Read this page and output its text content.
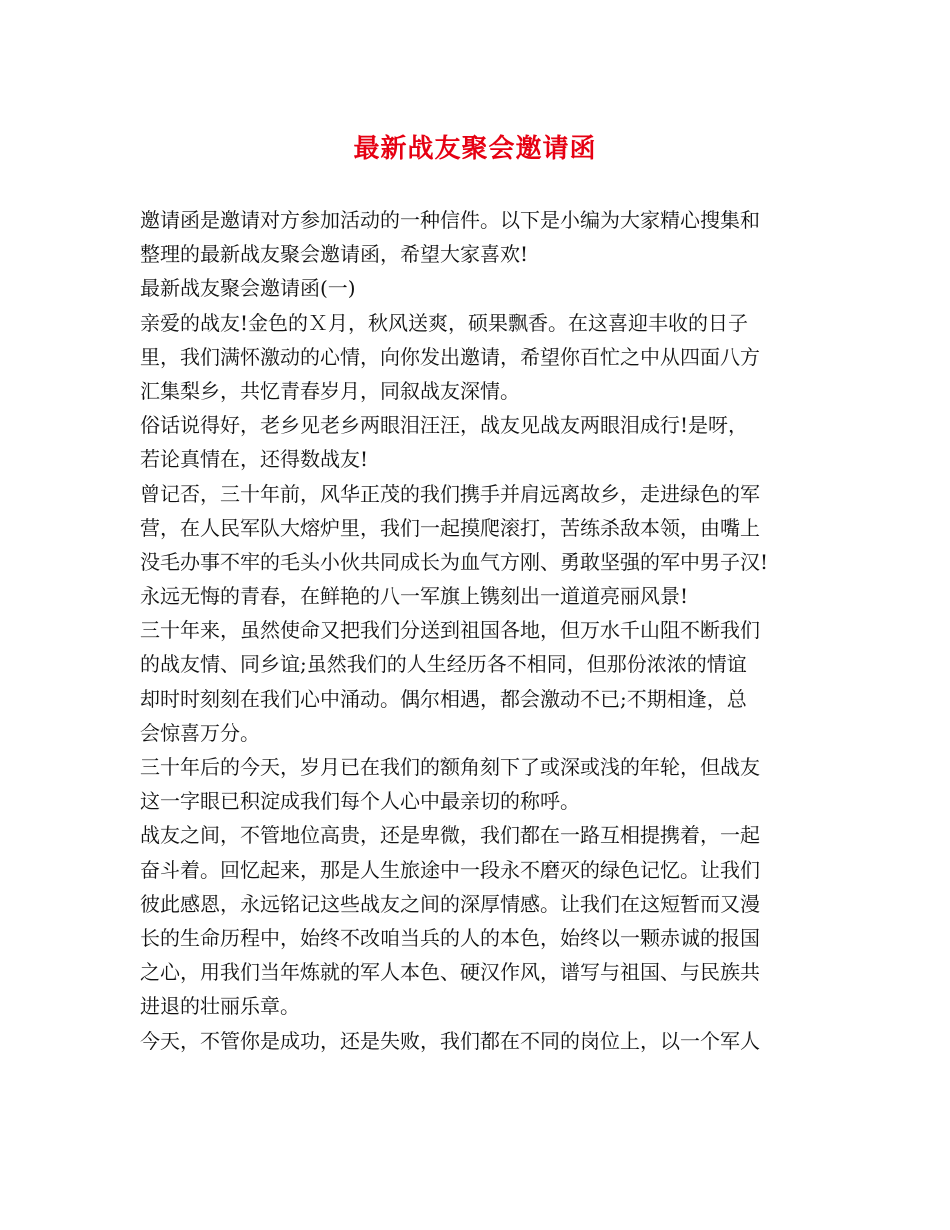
最新战友聚会邀请函
邀请函是邀请对方参加活动的一种信件。以下是小编为大家精心搜集和
整理的最新战友聚会邀请函，希望大家喜欢!
最新战友聚会邀请函(一)
亲爱的战友!金色的Ｘ月，秋风送爽，硕果飘香。在这喜迎丰收的日子
里，我们满怀激动的心情，向你发出邀请，希望你百忙之中从四面八方
汇集梨乡，共忆青春岁月，同叙战友深情。
俗话说得好，老乡见老乡两眼泪汪汪，战友见战友两眼泪成行!是呀，
若论真情在，还得数战友!
曾记否，三十年前，风华正茂的我们携手并肩远离故乡，走进绿色的军
营，在人民军队大熔炉里，我们一起摸爬滚打，苦练杀敌本领，由嘴上
没毛办事不牢的毛头小伙共同成长为血气方刚、勇敢坚强的军中男子汉!
永远无悔的青春，在鲜艳的八一军旗上镌刻出一道道亮丽风景!
三十年来，虽然使命又把我们分送到祖国各地，但万水千山阻不断我们
的战友情、同乡谊;虽然我们的人生经历各不相同，但那份浓浓的情谊
却时时刻刻在我们心中涌动。偶尔相遇，都会激动不已;不期相逢，总
会惊喜万分。
三十年后的今天，岁月已在我们的额角刻下了或深或浅的年轮，但战友
这一字眼已积淀成我们每个人心中最亲切的称呼。
战友之间，不管地位高贵，还是卑微，我们都在一路互相提携着，一起
奋斗着。回忆起来，那是人生旅途中一段永不磨灭的绿色记忆。让我们
彼此感恩，永远铭记这些战友之间的深厚情感。让我们在这短暂而又漫
长的生命历程中，始终不改咱当兵的人的本色，始终以一颗赤诚的报国
之心，用我们当年炼就的军人本色、硬汉作风，谱写与祖国、与民族共
进退的壮丽乐章。
今天，不管你是成功，还是失败，我们都在不同的岗位上，以一个军人
